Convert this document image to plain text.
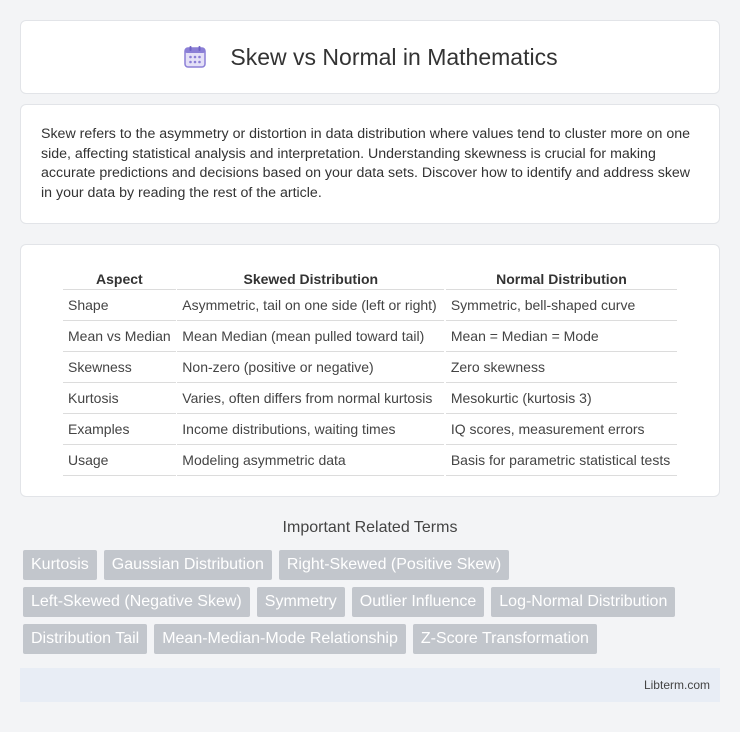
Skew vs Normal in Mathematics

Skew refers to the asymmetry or distortion in data distribution where values tend to cluster more on one side, affecting statistical analysis and interpretation. Understanding skewness is crucial for making accurate predictions and decisions based on your data sets. Discover how to identify and address skew in your data by reading the rest of the article.

Aspect		Skewed Distribution		Normal Distribution
Shape		Asymmetric, tail on one side (left or right)		Symmetric, bell-shaped curve
Mean vs Median		Mean Median (mean pulled toward tail)		Mean = Median = Mode
Skewness		Non-zero (positive or negative)		Zero skewness
Kurtosis		Varies, often differs from normal kurtosis		Mesokurtic (kurtosis 3)
Examples		Income distributions, waiting times		IQ scores, measurement errors
Usage		Modeling asymmetric data		Basis for parametric statistical tests
Important Related Terms
Kurtosis	Gaussian Distribution	Right-Skewed (Positive Skew)
Left-Skewed (Negative Skew)	Symmetry	Outlier Influence	Log-Normal Distribution
Distribution Tail	Mean-Median-Mode Relationship	Z-Score Transformation
Libterm.com
